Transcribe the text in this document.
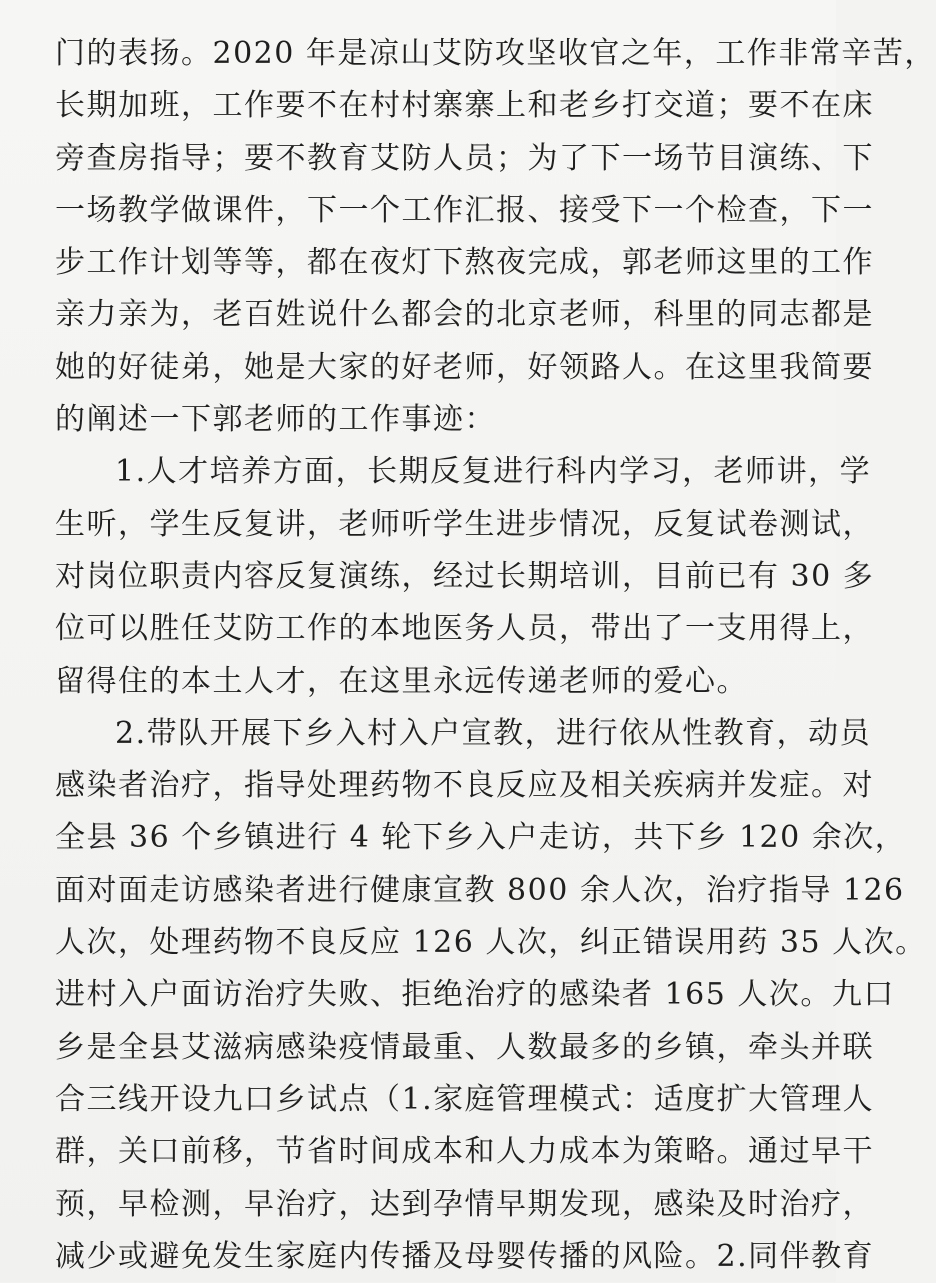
门的表扬。2020 年是凉山艾防攻坚收官之年，工作非常辛苦，
长期加班，工作要不在村村寨寨上和老乡打交道；要不在床
旁查房指导；要不教育艾防人员；为了下一场节目演练、下
一场教学做课件，下一个工作汇报、接受下一个检查，下一
步工作计划等等，都在夜灯下熬夜完成，郭老师这里的工作
亲力亲为，老百姓说什么都会的北京老师，科里的同志都是
她的好徒弟，她是大家的好老师，好领路人。在这里我简要
的阐述一下郭老师的工作事迹：
1.人才培养方面，长期反复进行科内学习，老师讲，学
生听，学生反复讲，老师听学生进步情况，反复试卷测试，
对岗位职责内容反复演练，经过长期培训，目前已有 30 多
位可以胜任艾防工作的本地医务人员，带出了一支用得上，
留得住的本土人才，在这里永远传递老师的爱心。
2.带队开展下乡入村入户宣教，进行依从性教育，动员
感染者治疗，指导处理药物不良反应及相关疾病并发症。对
全县 36 个乡镇进行 4 轮下乡入户走访，共下乡 120 余次，
面对面走访感染者进行健康宣教 800 余人次，治疗指导 126
人次，处理药物不良反应 126 人次，纠正错误用药 35 人次。
进村入户面访治疗失败、拒绝治疗的感染者 165 人次。九口
乡是全县艾滋病感染疫情最重、人数最多的乡镇，牵头并联
合三线开设九口乡试点（1.家庭管理模式：适度扩大管理人
群，关口前移，节省时间成本和人力成本为策略。通过早干
预，早检测，早治疗，达到孕情早期发现，感染及时治疗，
减少或避免发生家庭内传播及母婴传播的风险。2.同伴教育
